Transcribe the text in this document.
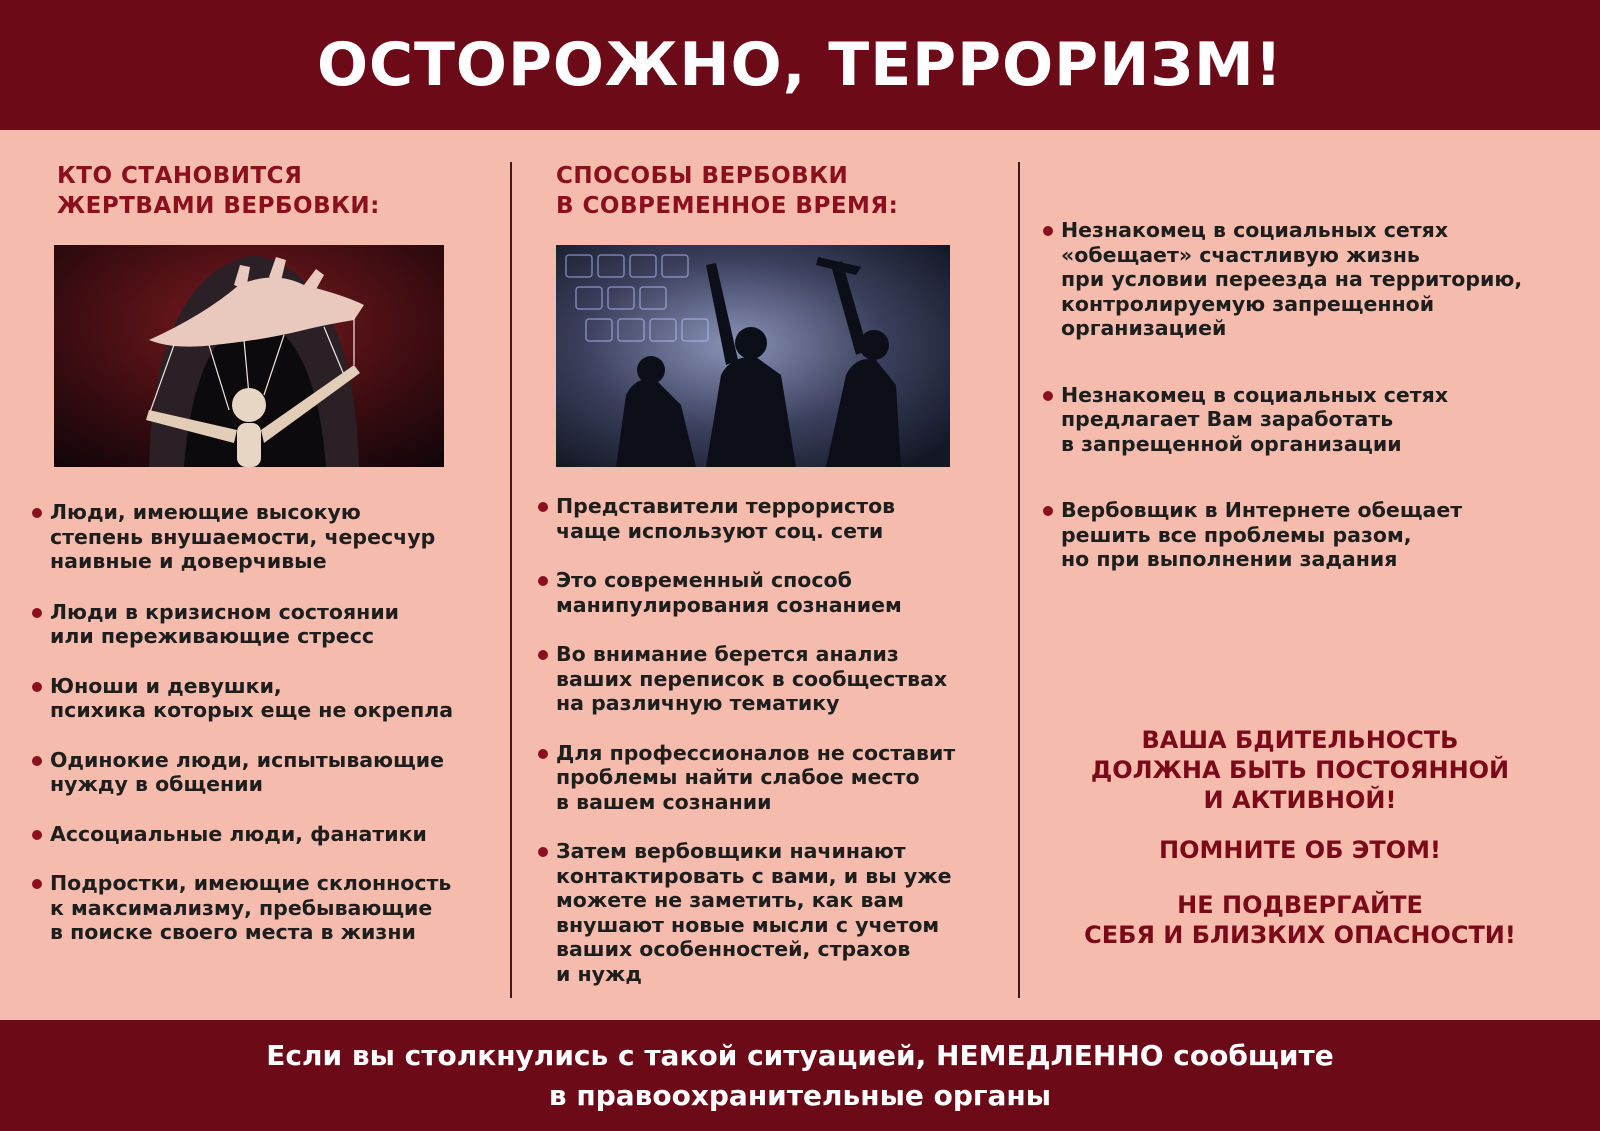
ОСТОРОЖНО, ТЕРРОРИЗМ!
КТО СТАНОВИТСЯ
ЖЕРТВАМИ ВЕРБОВКИ:
Люди, имеющие высокую
степень внушаемости, чересчур
наивные и доверчивые
Люди в кризисном состоянии
или переживающие стресс
Юноши и девушки,
психика которых еще не окрепла
Одинокие люди, испытывающие
нужду в общении
Ассоциальные люди, фанатики
Подростки, имеющие склонность
к максимализму, пребывающие
в поиске своего места в жизни
СПОСОБЫ ВЕРБОВКИ
В СОВРЕМЕННОЕ ВРЕМЯ:
Представители террористов
чаще используют соц. сети
Это современный способ
манипулирования сознанием
Во внимание берется анализ
ваших переписок в сообществах
на различную тематику
Для профессионалов не составит
проблемы найти слабое место
в вашем сознании
Затем вербовщики начинают
контактировать с вами, и вы уже
можете не заметить, как вам
внушают новые мысли с учетом
ваших особенностей, страхов
и нужд
Незнакомец в социальных сетях
«обещает» счастливую жизнь
при условии переезда на территорию,
контролируемую запрещенной
организацией
Незнакомец в социальных сетях
предлагает Вам заработать
в запрещенной организации
Вербовщик в Интернете обещает
решить все проблемы разом,
но при выполнении задания
ВАША БДИТЕЛЬНОСТЬ
ДОЛЖНА БЫТЬ ПОСТОЯННОЙ
И АКТИВНОЙ!
ПОМНИТЕ ОБ ЭТОМ!
НЕ ПОДВЕРГАЙТЕ
СЕБЯ И БЛИЗКИХ ОПАСНОСТИ!
Если вы столкнулись с такой ситуацией, НЕМЕДЛЕННО сообщите
в правоохранительные органы
